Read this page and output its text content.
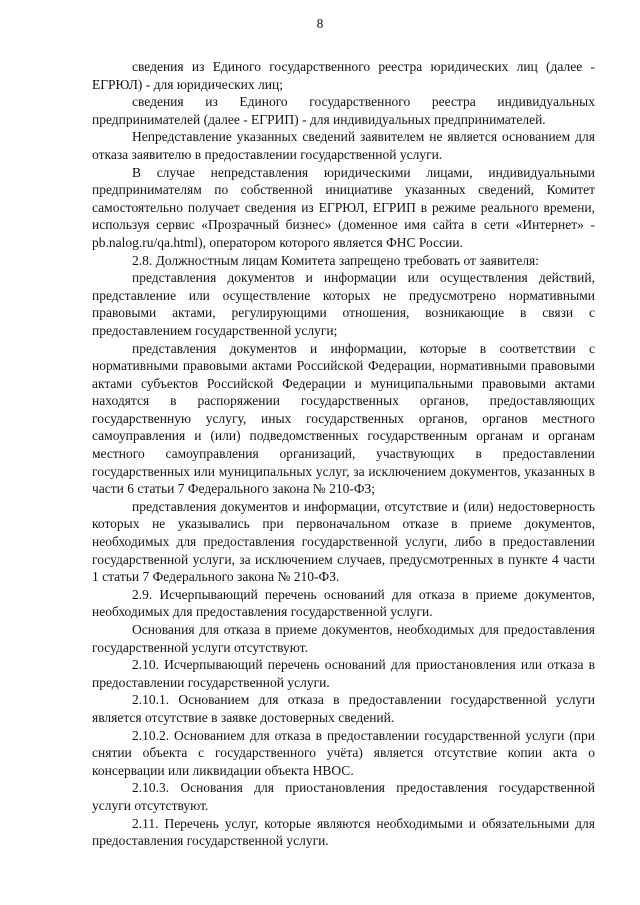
8

сведения из Единого государственного реестра юридических лиц (далее - ЕГРЮЛ) - для юридических лиц;

сведения из Единого государственного реестра индивидуальных предпринимателей (далее - ЕГРИП) - для индивидуальных предпринимателей.

Непредставление указанных сведений заявителем не является основанием для отказа заявителю в предоставлении государственной услуги.

В случае непредставления юридическими лицами, индивидуальными предпринимателям по собственной инициативе указанных сведений, Комитет самостоятельно получает сведения из ЕГРЮЛ, ЕГРИП в режиме реального времени, используя сервис «Прозрачный бизнес» (доменное имя сайта в сети «Интернет» - pb.nalog.ru/qa.html), оператором которого является ФНС России.

2.8. Должностным лицам Комитета запрещено требовать от заявителя:

представления документов и информации или осуществления действий, представление или осуществление которых не предусмотрено нормативными правовыми актами, регулирующими отношения, возникающие в связи с предоставлением государственной услуги;

представления документов и информации, которые в соответствии с нормативными правовыми актами Российской Федерации, нормативными правовыми актами субъектов Российской Федерации и муниципальными правовыми актами находятся в распоряжении государственных органов, предоставляющих государственную услугу, иных государственных органов, органов местного самоуправления и (или) подведомственных государственным органам и органам местного самоуправления организаций, участвующих в предоставлении государственных или муниципальных услуг, за исключением документов, указанных в части 6 статьи 7 Федерального закона № 210-ФЗ;

представления документов и информации, отсутствие и (или) недостоверность которых не указывались при первоначальном отказе в приеме документов, необходимых для предоставления государственной услуги, либо в предоставлении государственной услуги, за исключением случаев, предусмотренных в пункте 4 части 1 статьи 7 Федерального закона № 210-ФЗ.

2.9. Исчерпывающий перечень оснований для отказа в приеме документов, необходимых для предоставления государственной услуги.

Основания для отказа в приеме документов, необходимых для предоставления государственной услуги отсутствуют.

2.10. Исчерпывающий перечень оснований для приостановления или отказа в предоставлении государственной услуги.

2.10.1. Основанием для отказа в предоставлении государственной услуги является отсутствие в заявке достоверных сведений.

2.10.2. Основанием для отказа в предоставлении государственной услуги (при снятии объекта с государственного учёта) является отсутствие копии акта о консервации или ликвидации объекта НВОС.

2.10.3. Основания для приостановления предоставления государственной услуги отсутствуют.

2.11. Перечень услуг, которые являются необходимыми и обязательными для предоставления государственной услуги.
